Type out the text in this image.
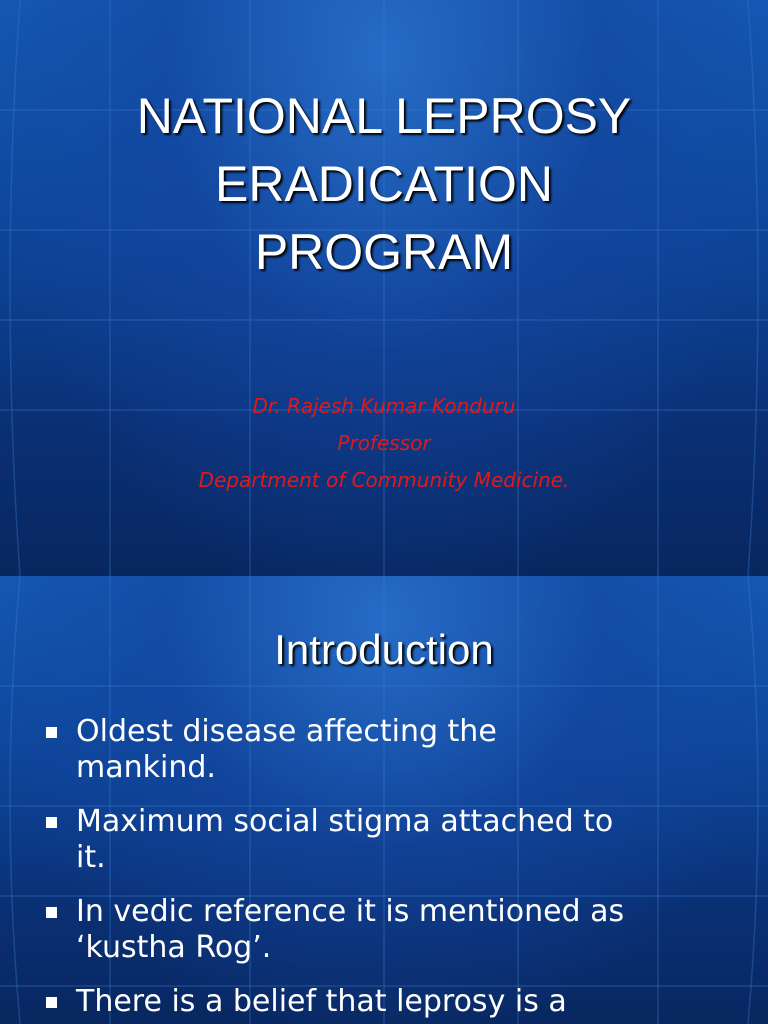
NATIONAL LEPROSY
ERADICATION
PROGRAM
Dr. Rajesh Kumar Konduru
Professor
Department of Community Medicine.
Introduction
Oldest disease affecting the
mankind.
Maximum social stigma attached to
it.
In vedic reference it is mentioned as
‘kustha Rog’.
There is a belief that leprosy is a
